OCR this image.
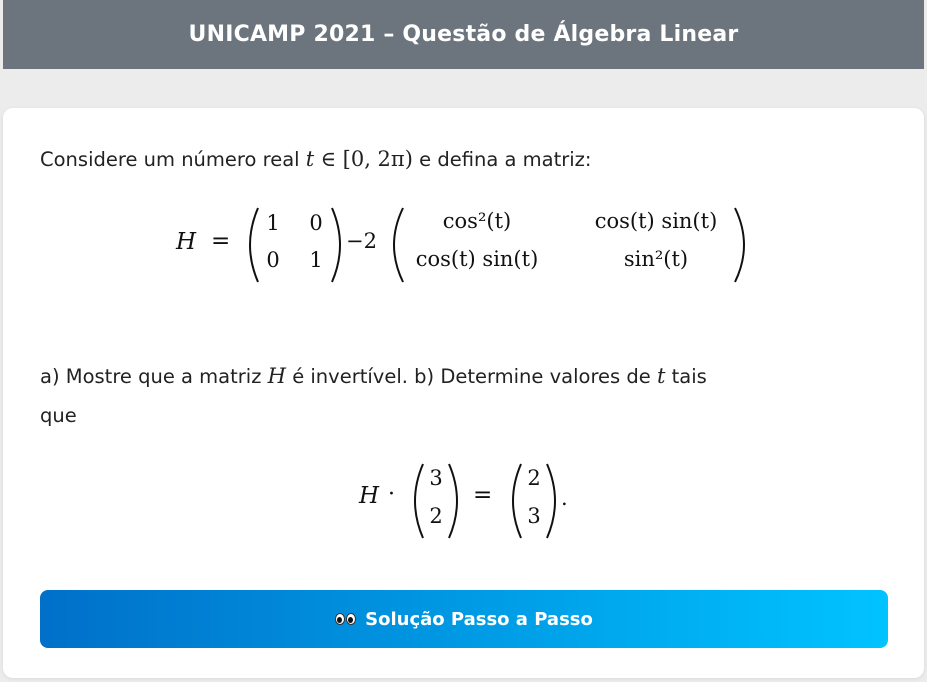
UNICAMP 2021 – Questão de Álgebra Linear
Considere um número real t ∈ [0, 2π) e defina a matriz:
H =
1 0
0 1
−2
cos²(t)	cos(t) sin(t)
cos(t) sin(t)	sin²(t)
a) Mostre que a matriz H é invertível. b) Determine valores de t tais
que
H ·
3
2
=
2
3
.
Solução Passo a Passo
